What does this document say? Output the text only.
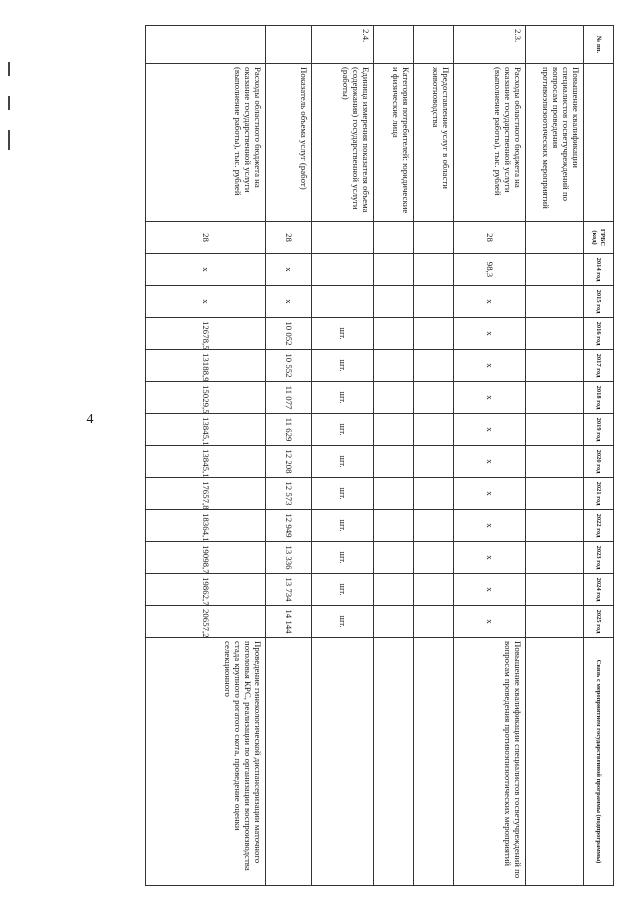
4
№ пп.		ГРБС (код)	2014 год	2015 год	2016 год	2017 год	2018 год	2019 год	2020 год	2021 год	2022 год	2023 год	2024 год	2025 год	Связь с мероприятием государственной программы (подпрограммы)
	Повышение квалификации специалистов госветучреждений по вопросам проведения противоэпизоотических мероприятий														
2.3.	Расходы областного бюджета на оказание государственной услуги (выполнение работы), тыс. рублей	28	98,3	x	x	x	x	x	x	x	x	x	x	x	Повышение квалификации специалистов госветучреждений по вопросам проведения противоэпизоотических мероприятий
	Предоставление услуг в области животноводства														
	Категория потребителей: юридические и физические лица														
2.4.	Единица измерения показателя объема (содержания) государственной услуги (работы)				шт.	шт.	шт.	шт.	шт.	шт.	шт.	шт.	шт.	шт.	
	Показатель объема услуг (работ)	28	x	x	10 052	10 552	11 077	11 629	12 208	12 573	12 949	13 336	13 734	14 144	
	Расходы областного бюджета на оказание государственной услуги (выполнение работы), тыс. рублей	28	x	x	12678,5	13188,9	15029,5	13845,1	13845,1	17657,8	18364,1	19098,7	19862,7	20657,2	Проведение гинекологической диспансеризации маточного поголовья КРС, реализации по организации воспроизводства стада крупного рогатого скота, проведение оценки селекционного
